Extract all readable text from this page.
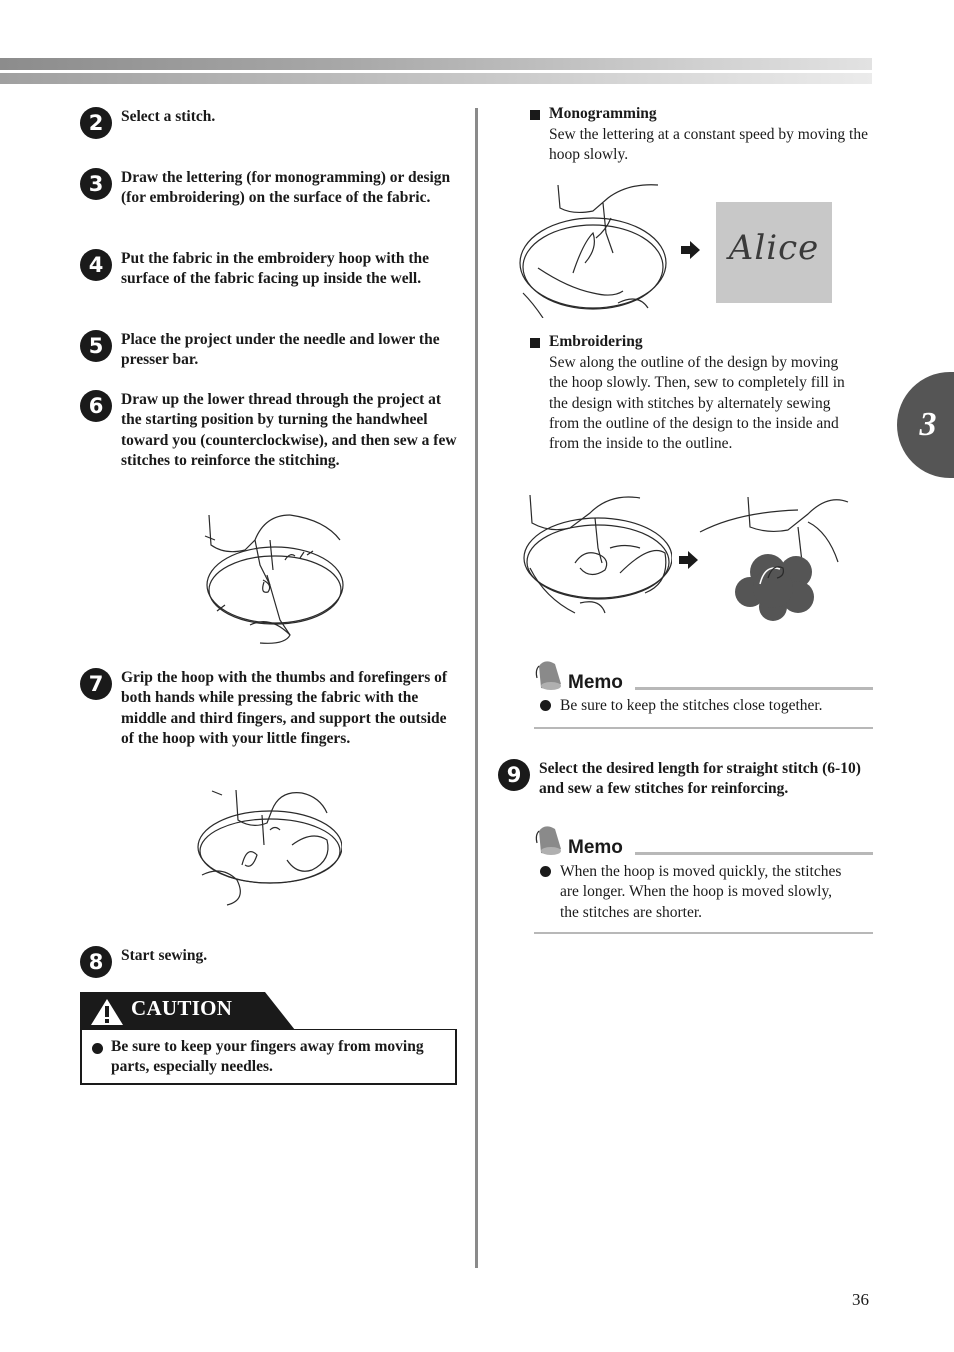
3
2	Select a stitch.
3	Draw the lettering (for monogramming) or design (for embroidering) on the surface of the fabric.
4	Put the fabric in the embroidery hoop with the surface of the fabric facing up inside the well.
5	Place the project under the needle and lower the presser bar.
6	Draw up the lower thread through the project at the starting position by turning the handwheel toward you (counterclockwise), and then sew a few stitches to reinforce the stitching.
7	Grip the hoop with the thumbs and forefingers of both hands while pressing the fabric with the middle and third fingers, and support the outside of the hoop with your little fingers.
8	Start sewing.
CAUTION
Be sure to keep your fingers away from moving parts, especially needles.
Monogramming
Sew the lettering at a constant speed by moving the hoop slowly.
Alice
Embroidering
Sew along the outline of the design by moving the hoop slowly. Then, sew to completely fill in the design with stitches by alternately sewing from the outline of the design to the inside and from the inside to the outline.
Memo
Be sure to keep the stitches close together.
9	Select the desired length for straight stitch (6-10) and sew a few stitches for reinforcing.
Memo
When the hoop is moved quickly, the stitches are longer. When the hoop is moved slowly, the stitches are shorter.
36
